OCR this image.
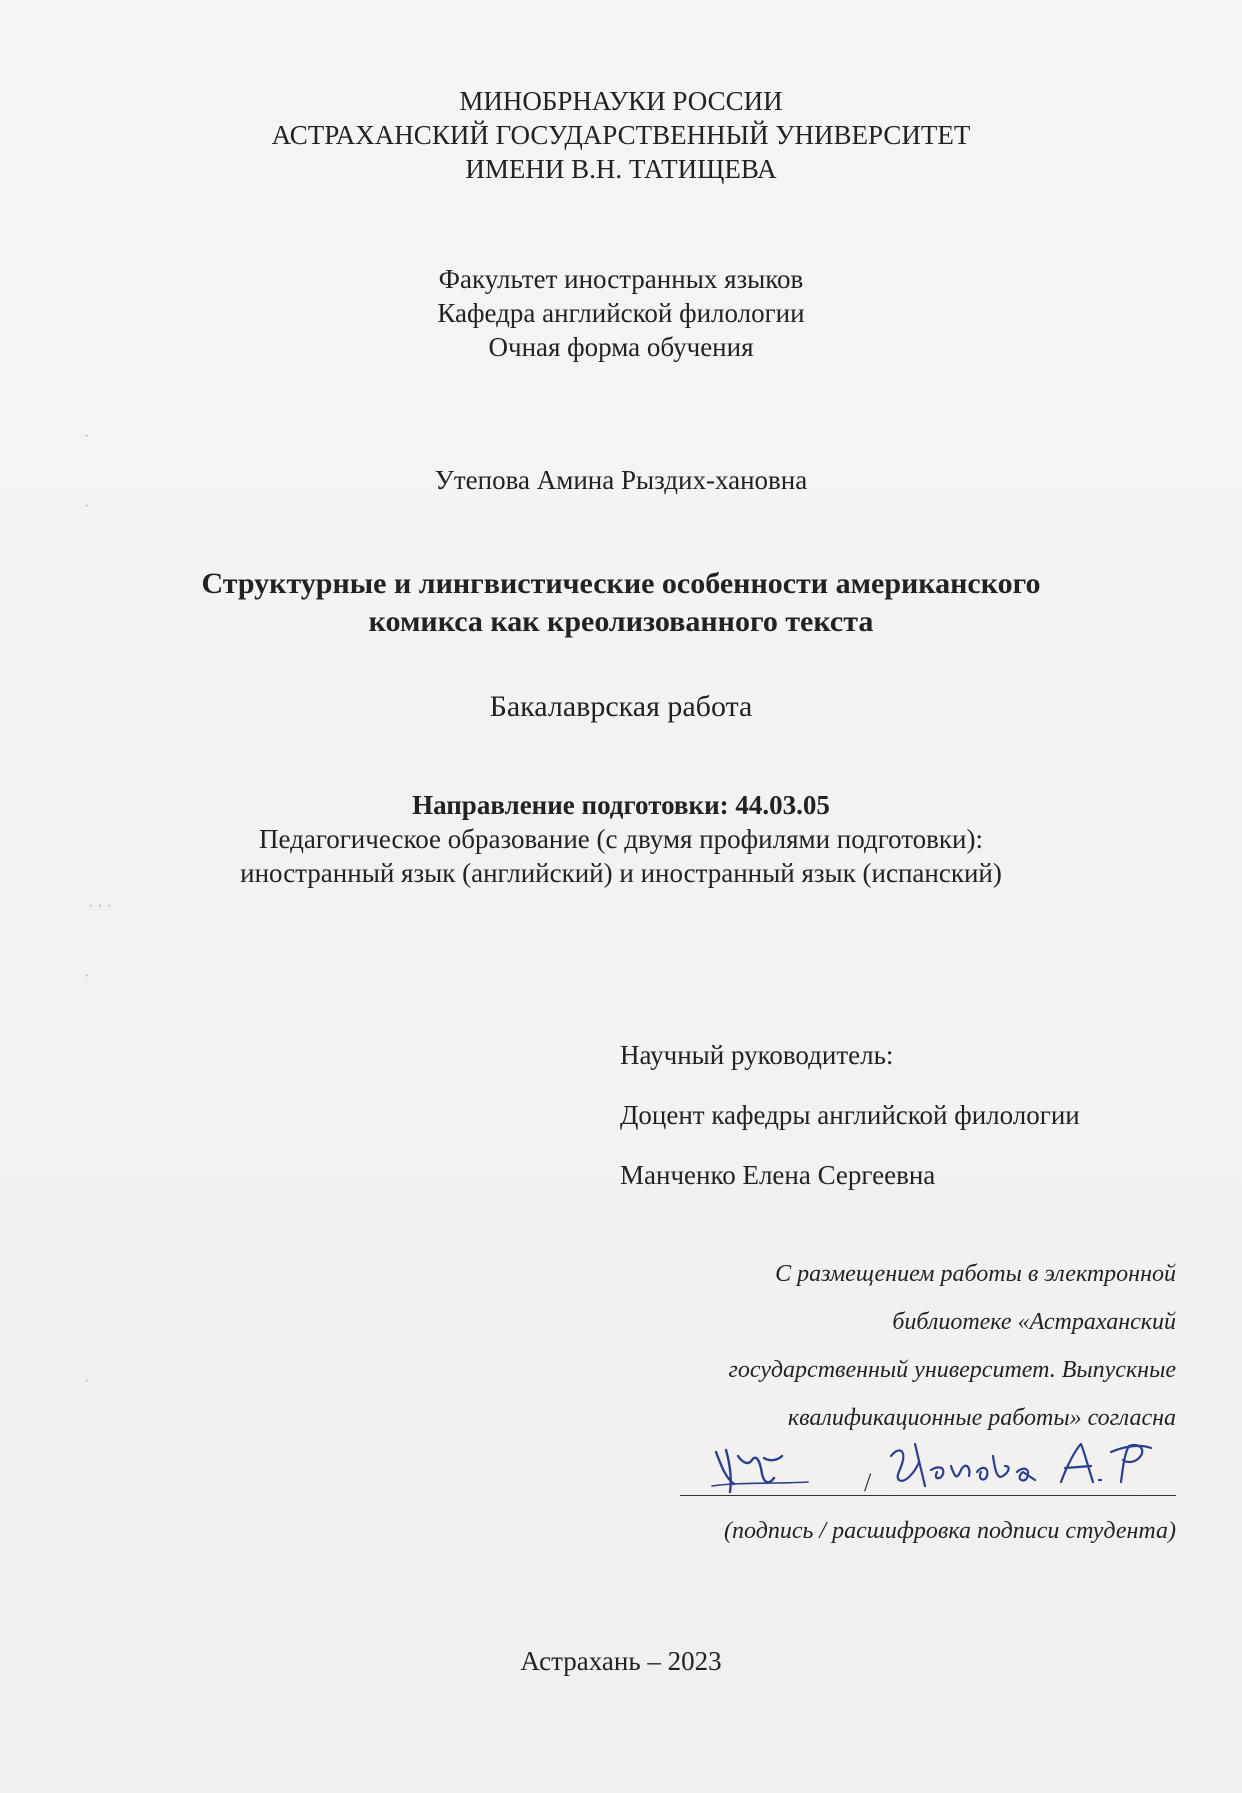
МИНОБРНАУКИ РОССИИ
АСТРАХАНСКИЙ ГОСУДАРСТВЕННЫЙ УНИВЕРСИТЕТ
ИМЕНИ В.Н. ТАТИЩЕВА
Факультет иностранных языков
Кафедра английской филологии
Очная форма обучения
Утепова Амина Рыздих-хановна
Структурные и лингвистические особенности американского
комикса как креолизованного текста
Бакалаврская работа
Направление подготовки: 44.03.05
Педагогическое образование (с двумя профилями подготовки):
иностранный язык (английский) и иностранный язык (испанский)
Научный руководитель:
Доцент кафедры английской филологии
Манченко Елена Сергеевна
С размещением работы в электронной
библиотеке «Астраханский
государственный университет. Выпускные
квалификационные работы» согласна
/
(подпись / расшифровка подписи студента)
Астрахань – 2023
·
·
· · ·
·
·
